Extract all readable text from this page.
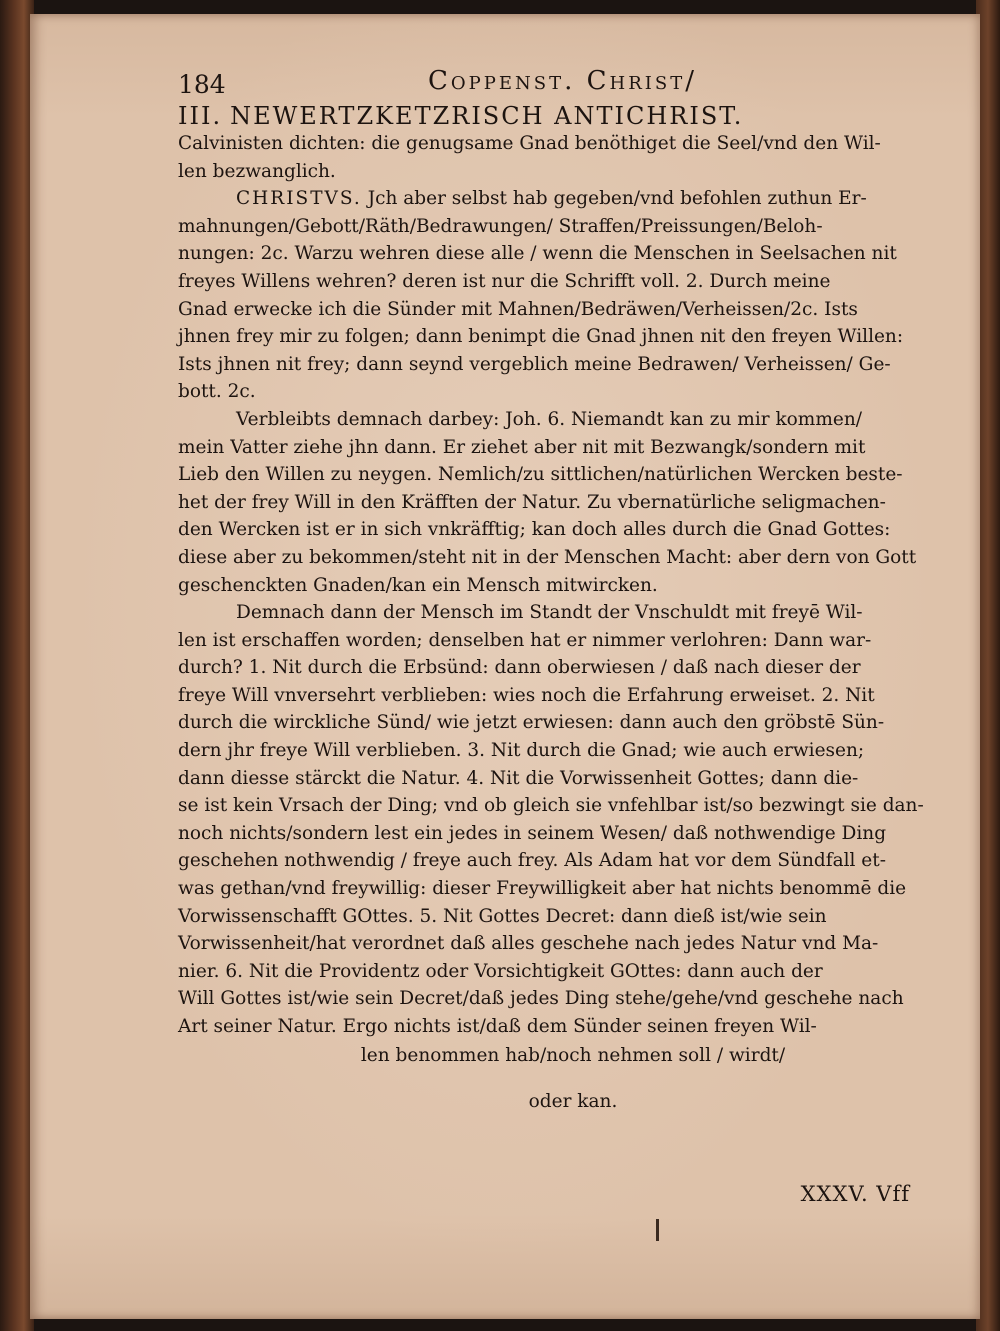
184	Coppenst. Christ/
III. NEWERTZKETZRISCH ANTICHRIST.

Calvinisten dichten: die genugsame Gnad benöthiget die Seel/vnd den Wil-

len bezwanglich.

CHRISTVS. Jch aber selbst hab gegeben/vnd befohlen zuthun Er-

mahnungen/Gebott/Räth/Bedrawungen/ Straffen/Preissungen/Beloh-

nungen: 2c. Warzu wehren diese alle / wenn die Menschen in Seelsachen nit

freyes Willens wehren? deren ist nur die Schrifft voll. 2. Durch meine

Gnad erwecke ich die Sünder mit Mahnen/Bedräwen/Verheissen/2c. Ists

jhnen frey mir zu folgen; dann benimpt die Gnad jhnen nit den freyen Willen:

Ists jhnen nit frey; dann seynd vergeblich meine Bedrawen/ Verheissen/ Ge-

bott. 2c.

Verbleibts demnach darbey: Joh. 6. Niemandt kan zu mir kommen/

mein Vatter ziehe jhn dann. Er ziehet aber nit mit Bezwangk/sondern mit

Lieb den Willen zu neygen. Nemlich/zu sittlichen/natürlichen Wercken beste-

het der frey Will in den Kräfften der Natur. Zu vbernatürliche seligmachen-

den Wercken ist er in sich vnkräfftig; kan doch alles durch die Gnad Gottes:

diese aber zu bekommen/steht nit in der Menschen Macht: aber dern von Gott

geschenckten Gnaden/kan ein Mensch mitwircken.

Demnach dann der Mensch im Standt der Vnschuldt mit freyē Wil-

len ist erschaffen worden; denselben hat er nimmer verlohren: Dann war-

durch? 1. Nit durch die Erbsünd: dann oberwiesen / daß nach dieser der

freye Will vnversehrt verblieben: wies noch die Erfahrung erweiset. 2. Nit

durch die wirckliche Sünd/ wie jetzt erwiesen: dann auch den gröbstē Sün-

dern jhr freye Will verblieben. 3. Nit durch die Gnad; wie auch erwiesen;

dann diesse stärckt die Natur. 4. Nit die Vorwissenheit Gottes; dann die-

se ist kein Vrsach der Ding; vnd ob gleich sie vnfehlbar ist/so bezwingt sie dan-

noch nichts/sondern lest ein jedes in seinem Wesen/ daß nothwendige Ding

geschehen nothwendig / freye auch frey. Als Adam hat vor dem Sündfall et-

was gethan/vnd freywillig: dieser Freywilligkeit aber hat nichts benommē die

Vorwissenschafft GOttes. 5. Nit Gottes Decret: dann dieß ist/wie sein

Vorwissenheit/hat verordnet daß alles geschehe nach jedes Natur vnd Ma-

nier. 6. Nit die Providentz oder Vorsichtigkeit GOttes: dann auch der

Will Gottes ist/wie sein Decret/daß jedes Ding stehe/gehe/vnd geschehe nach

Art seiner Natur. Ergo nichts ist/daß dem Sünder seinen freyen Wil-

len benommen hab/noch nehmen soll / wirdt/

oder kan.

XXXV. Vff
